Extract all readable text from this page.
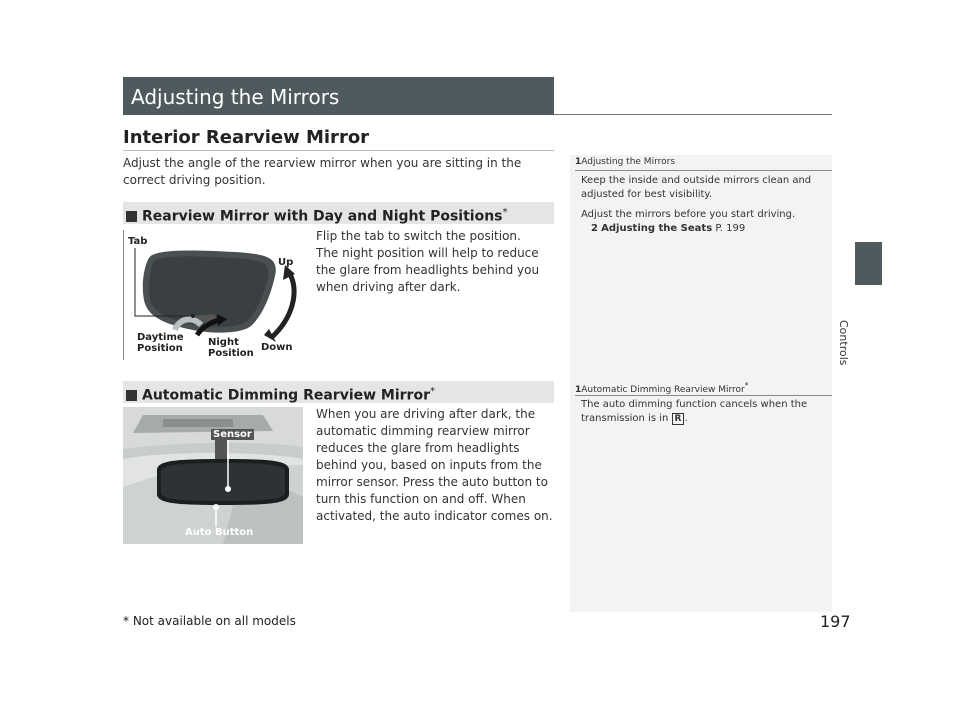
Adjusting the Mirrors
Interior Rearview Mirror
Adjust the angle of the rearview mirror when you are sitting in the correct driving position.
Rearview Mirror with Day and Night Positions*
Tab
Up
Down
Daytime
Position
Night
Position
Flip the tab to switch the position.
The night position will help to reduce the glare from headlights behind you when driving after dark.
Automatic Dimming Rearview Mirror*
Sensor
Auto Button
When you are driving after dark, the automatic dimming rearview mirror reduces the glare from headlights behind you, based on inputs from the mirror sensor. Press the auto button to turn this function on and off. When activated, the auto indicator comes on.
1Adjusting the Mirrors
Keep the inside and outside mirrors clean and adjusted for best visibility.
Adjust the mirrors before you start driving.
2 Adjusting the Seats P. 199
1Automatic Dimming Rearview Mirror*
The auto dimming function cancels when the transmission is in R .
Controls
* Not available on all models	197
